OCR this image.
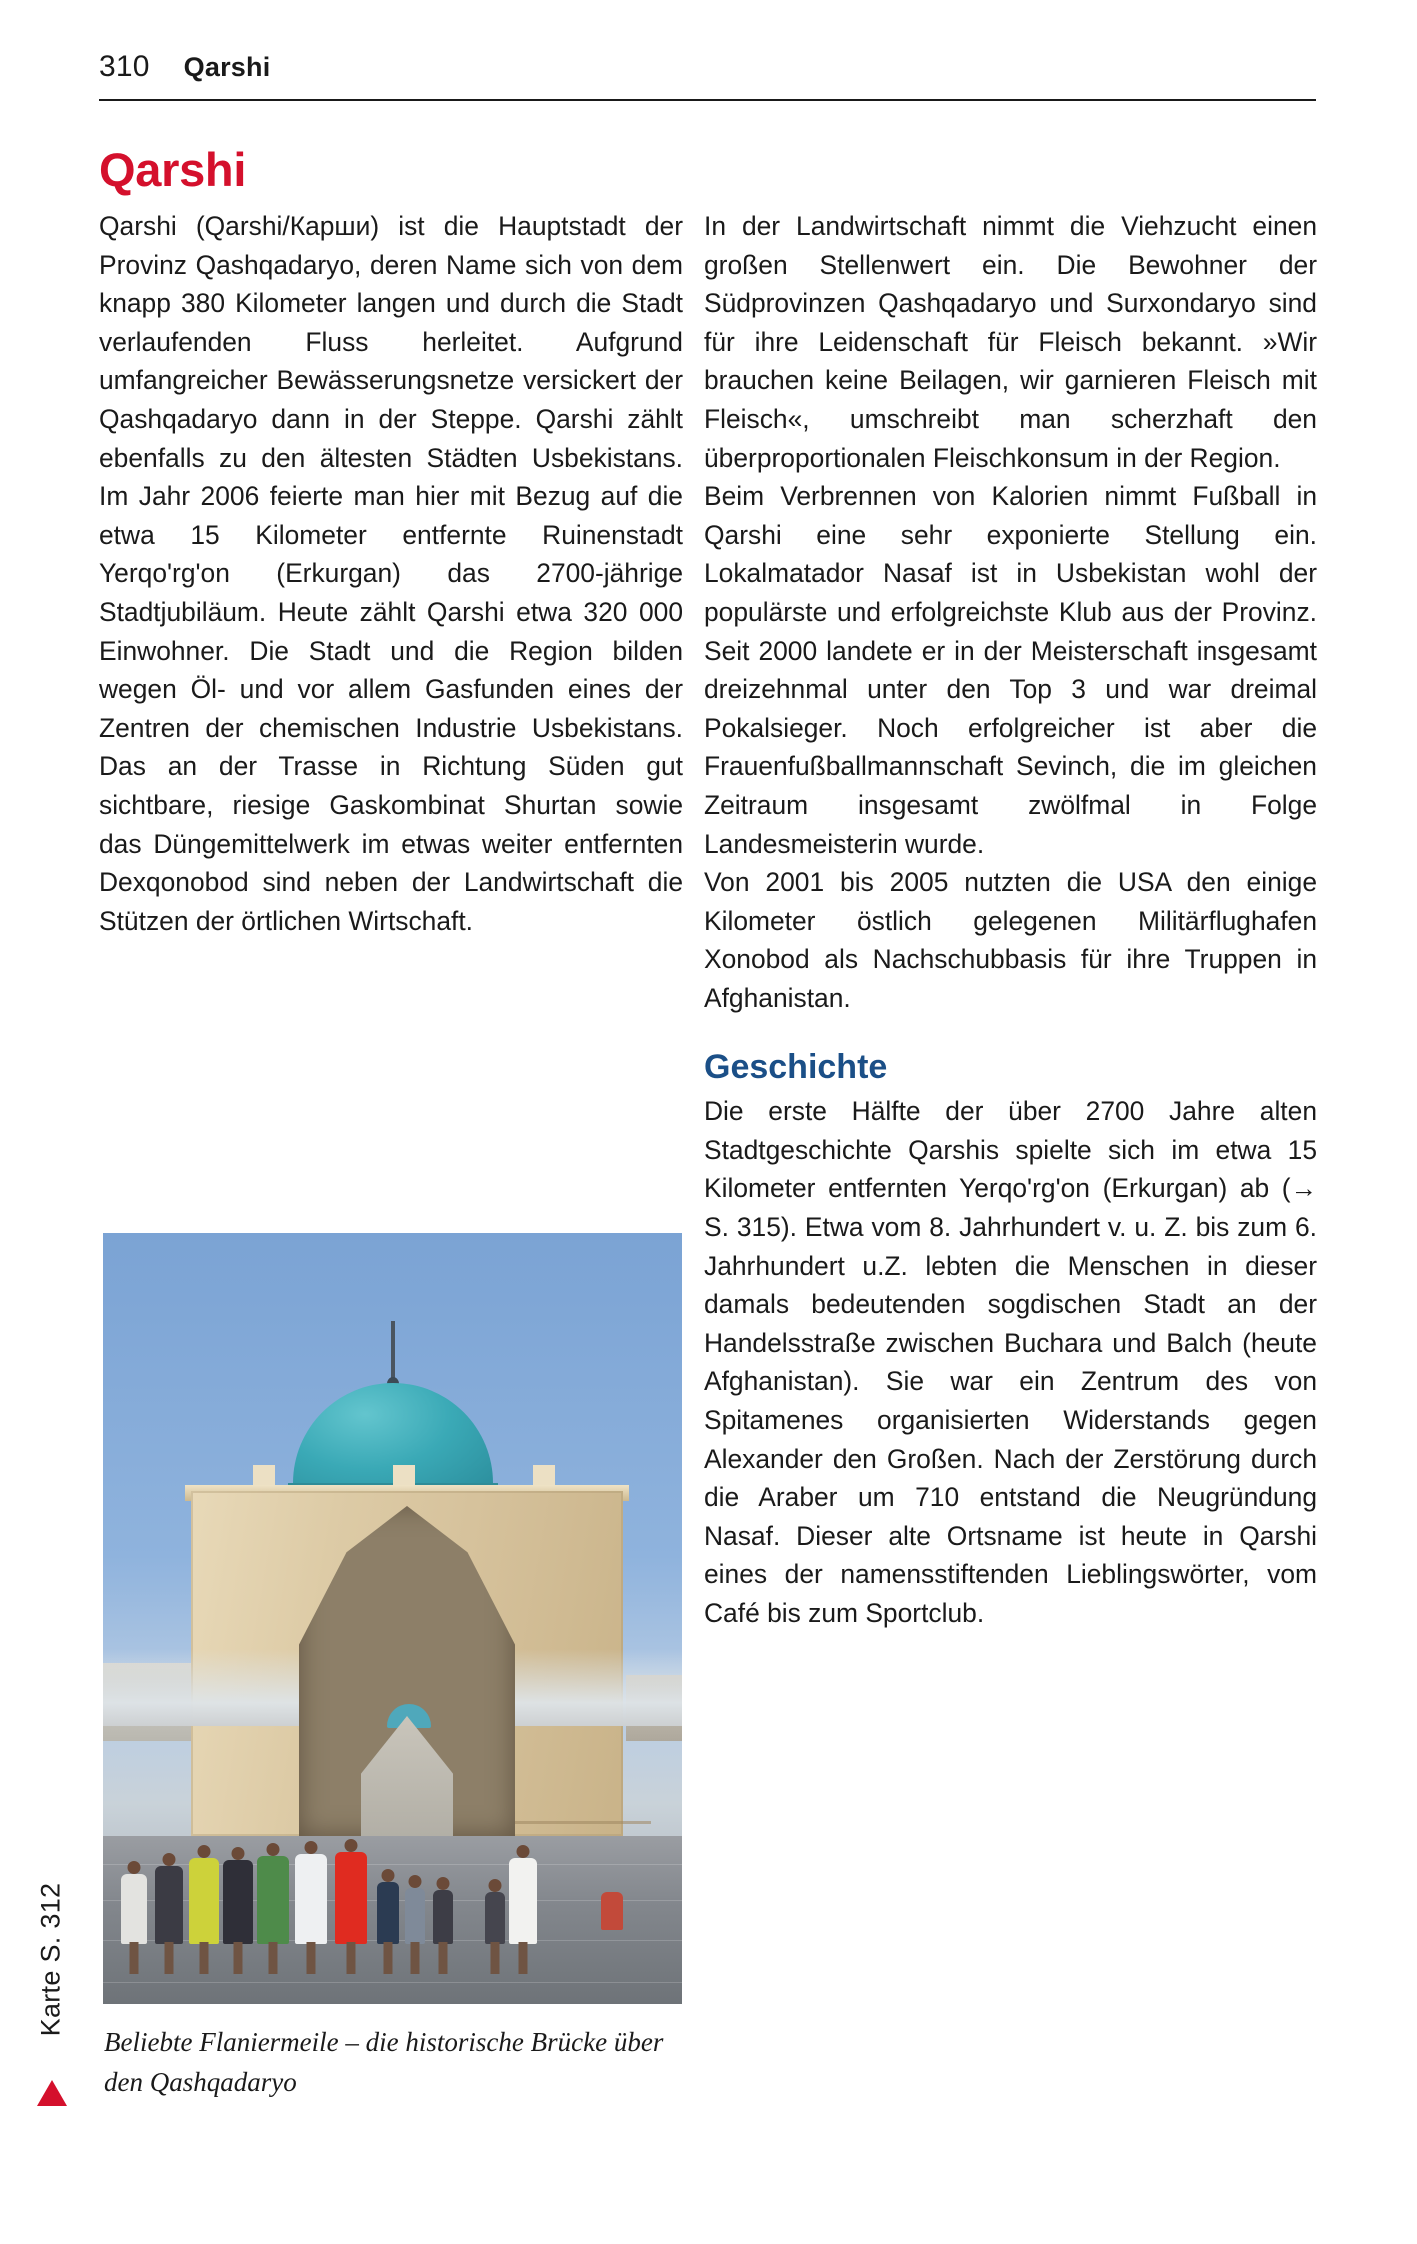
310 Qarshi
Qarshi

Qarshi (Qarshi/Карши) ist die Hauptstadt der Provinz Qashqadaryo, deren Name sich von dem knapp 380 Kilometer langen und durch die Stadt verlaufenden Fluss herleitet. Aufgrund umfangreicher Bewässerungsnetze versickert der Qashqadaryo dann in der Steppe. Qarshi zählt ebenfalls zu den ältesten Städten Usbekistans. Im Jahr 2006 feierte man hier mit Bezug auf die etwa 15 Kilometer entfernte Ruinenstadt Yerqo'rg'on (Erkurgan) das 2700-jährige Stadtjubiläum. Heute zählt Qarshi etwa 320 000 Einwohner. Die Stadt und die Region bilden wegen Öl- und vor allem Gasfunden eines der Zentren der chemischen Industrie Usbekistans. Das an der Trasse in Richtung Süden gut sichtbare, riesige Gaskombinat Shurtan sowie das Düngemittelwerk im etwas weiter entfernten Dexqonobod sind neben der Landwirtschaft die Stützen der örtlichen Wirtschaft.

In der Landwirtschaft nimmt die Viehzucht einen großen Stellenwert ein. Die Bewohner der Südprovinzen Qashqadaryo und Surxondaryo sind für ihre Leidenschaft für Fleisch bekannt. »Wir brauchen keine Beilagen, wir garnieren Fleisch mit Fleisch«, umschreibt man scherzhaft den überproportionalen Fleischkonsum in der Region.

Beim Verbrennen von Kalorien nimmt Fußball in Qarshi eine sehr exponierte Stellung ein. Lokalmatador Nasaf ist in Usbekistan wohl der populärste und erfolgreichste Klub aus der Provinz. Seit 2000 landete er in der Meisterschaft insgesamt dreizehnmal unter den Top 3 und war dreimal Pokalsieger. Noch erfolgreicher ist aber die Frauenfußballmannschaft Sevinch, die im gleichen Zeitraum insgesamt zwölfmal in Folge Landesmeisterin wurde.

Von 2001 bis 2005 nutzten die USA den einige Kilometer östlich gelegenen Militärflughafen Xonobod als Nachschubbasis für ihre Truppen in Afghanistan.

Geschichte

Die erste Hälfte der über 2700 Jahre alten Stadtgeschichte Qarshis spielte sich im etwa 15 Kilometer entfernten Yerqo'rg'on (Erkurgan) ab (→ S. 315). Etwa vom 8. Jahrhundert v. u. Z. bis zum 6. Jahrhundert u.Z. lebten die Menschen in dieser damals bedeutenden sogdischen Stadt an der Handelsstraße zwischen Buchara und Balch (heute Afghanistan). Sie war ein Zentrum des von Spitamenes organisierten Widerstands gegen Alexander den Großen. Nach der Zerstörung durch die Araber um 710 entstand die Neugründung Nasaf. Dieser alte Ortsname ist heute in Qarshi eines der namensstiftenden Lieblingswörter, vom Café bis zum Sportclub.

Beliebte Flaniermeile – die historische Brücke über den Qashqadaryo
Karte S. 312
